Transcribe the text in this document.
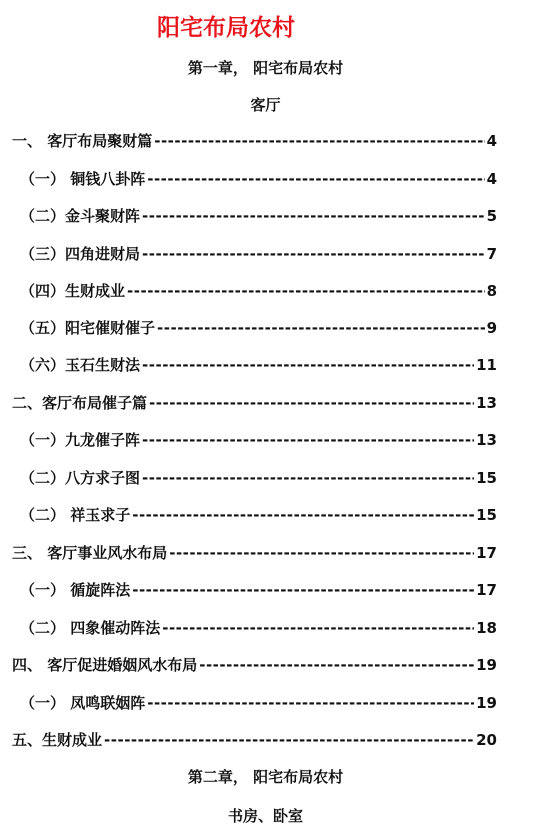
阳宅布局农村
第一章， 阳宅布局农村
客厅
一、 客厅布局聚财篇 -----	4
（一） 铜钱八卦阵 -----	4
（二）金斗聚财阵 -----	5
（三）四角进财局 -----	7
（四）生财成业 -----	8
（五）阳宅催财催子 -----	9
（六）玉石生财法 -----	11
二、客厅布局催子篇 -----	13
（一）九龙催子阵 -----	13
（二）八方求子图 -----	15
（二） 祥玉求子 -----	15
三、 客厅事业风水布局 -----	17
（一） 循旋阵法 -----	17
（二） 四象催动阵法 -----	18
四、 客厅促进婚姻风水布局 -----	19
（一） 凤鸣联姻阵 -----	19
五、生财成业 -----	20
第二章， 阳宅布局农村
书房、卧室
